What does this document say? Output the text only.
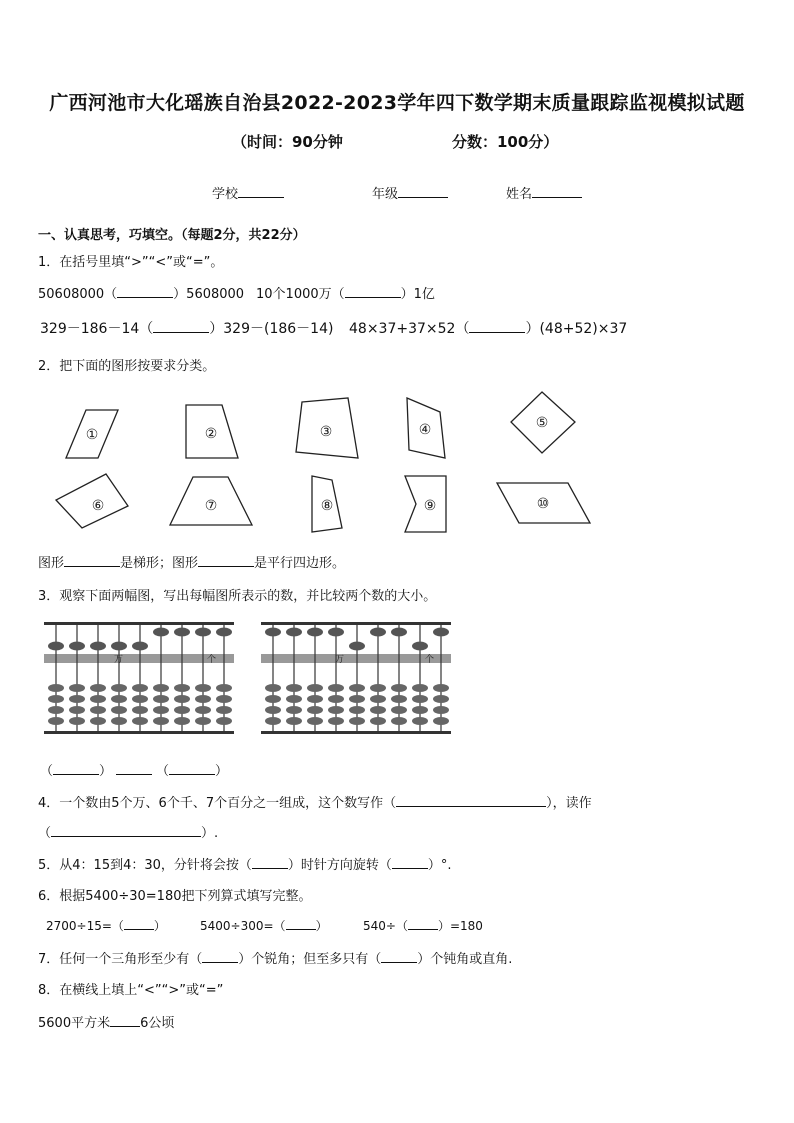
广西河池市大化瑶族自治县2022-2023学年四下数学期末质量跟踪监视模拟试题
（时间：90分钟	分数：100分）
学校	年级	姓名
一、认真思考，巧填空。（每题2分，共22分）
1．在括号里填“>”“<”或“=”。
50608000（	）5608000 10个1000万（	）1亿
329－186－14（	）329－(186－14) 48×37+37×52（	）(48+52)×37
2．把下面的图形按要求分类。
①	②	③	④	⑤
⑥	⑦	⑧	⑨	⑩
图形	是梯形；图形	是平行四边形。
3．观察下面两幅图，写出每幅图所表示的数，并比较两个数的大小。
万	个	万	个
（	）	（	）
4．一个数由5个万、6个千、7个百分之一组成，这个数写作（	），读作
（	）.
5．从4：15到4：30，分针将会按（	）时针方向旋转（	）°.
6．根据5400÷30=180把下列算式填写完整。
2700÷15=（	）	5400÷300=（	）	540÷（	）=180
7．任何一个三角形至少有（	）个锐角；但至多只有（	）个钝角或直角.
8．在横线上填上“<”“>”或“=”
5600平方米 6公顷
